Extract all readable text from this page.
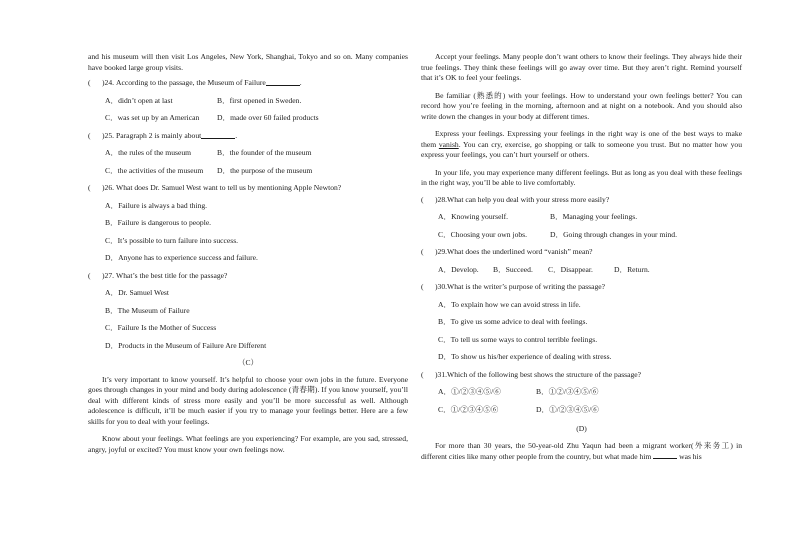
and his museum will then visit Los Angeles, New York, Shanghai, Tokyo and so on. Many companies have booked large group visits.

(	)24. According to the passage, the Museum of Failure	.
A．didn’t open at last	B．first opened in Sweden.
C．was set up by an American	D．made over 60 failed products
(	)25. Paragraph 2 is mainly about	.
A．the rules of the museum	B．the founder of the museum
C．the activities of the museum	D．the purpose of the museum
(	)26. What does Dr. Samuel West want to tell us by mentioning Apple Newton?
A．Failure is always a bad thing.
B．Failure is dangerous to people.
C．It’s possible to turn failure into success.
D．Anyone has to experience success and failure.
(	)27. What’s the best title for the passage?
A．Dr. Samuel West
B．The Museum of Failure
C．Failure Is the Mother of Success
D．Products in the Museum of Failure Are Different
（C）

It’s very important to know yourself. It’s helpful to choose your own jobs in the future. Everyone goes through changes in your mind and body during adolescence (青春期). If you know yourself, you’ll deal with different kinds of stress more easily and you’ll be more successful as well. Although adolescence is difficult, it’ll be much easier if you try to manage your feelings better. Here are a few skills for you to deal with your feelings.

Know about your feelings. What feelings are you experiencing? For example, are you sad, stressed, angry, joyful or excited? You must know your own feelings now.

Accept your feelings. Many people don’t want others to know their feelings. They always hide their true feelings. They think these feelings will go away over time. But they aren’t right. Remind yourself that it’s OK to feel your feelings.

Be familiar (熟悉的) with your feelings. How to understand your own feelings better? You can record how you’re feeling in the morning, afternoon and at night on a notebook. And you should also write down the changes in your body at different times.

Express your feelings. Expressing your feelings in the right way is one of the best ways to make them vanish. You can cry, exercise, go shopping or talk to someone you trust. But no matter how you express your feelings, you can’t hurt yourself or others.

In your life, you may experience many different feelings. But as long as you deal with these feelings in the right way, you’ll be able to live comfortably.

(	)28. What can help you deal with your stress more easily?
A．Knowing yourself.	B．Managing your feelings.
C．Choosing your own jobs.	D．Going through changes in your mind.
(	)29. What does the underlined word “vanish” mean?
A．Develop.	B．Succeed.	C．Disappear.	D．Return.
(	)30. What is the writer’s purpose of writing the passage?
A．To explain how we can avoid stress in life.
B．To give us some advice to deal with feelings.
C．To tell us some ways to control terrible feelings.
D．To show us his/her experience of dealing with stress.
(	)31. Which of the following best shows the structure of the passage?
A．①/②③④⑤/⑥	B．①②/③④⑤/⑥
C．①/②③④⑤⑥	D．①/②③④⑤/⑥
(D)

For more than 30 years, the 50-year-old Zhu Yaqun had been a migrant worker(外来务工) in different cities like many other people from the country, but what made him	was his
